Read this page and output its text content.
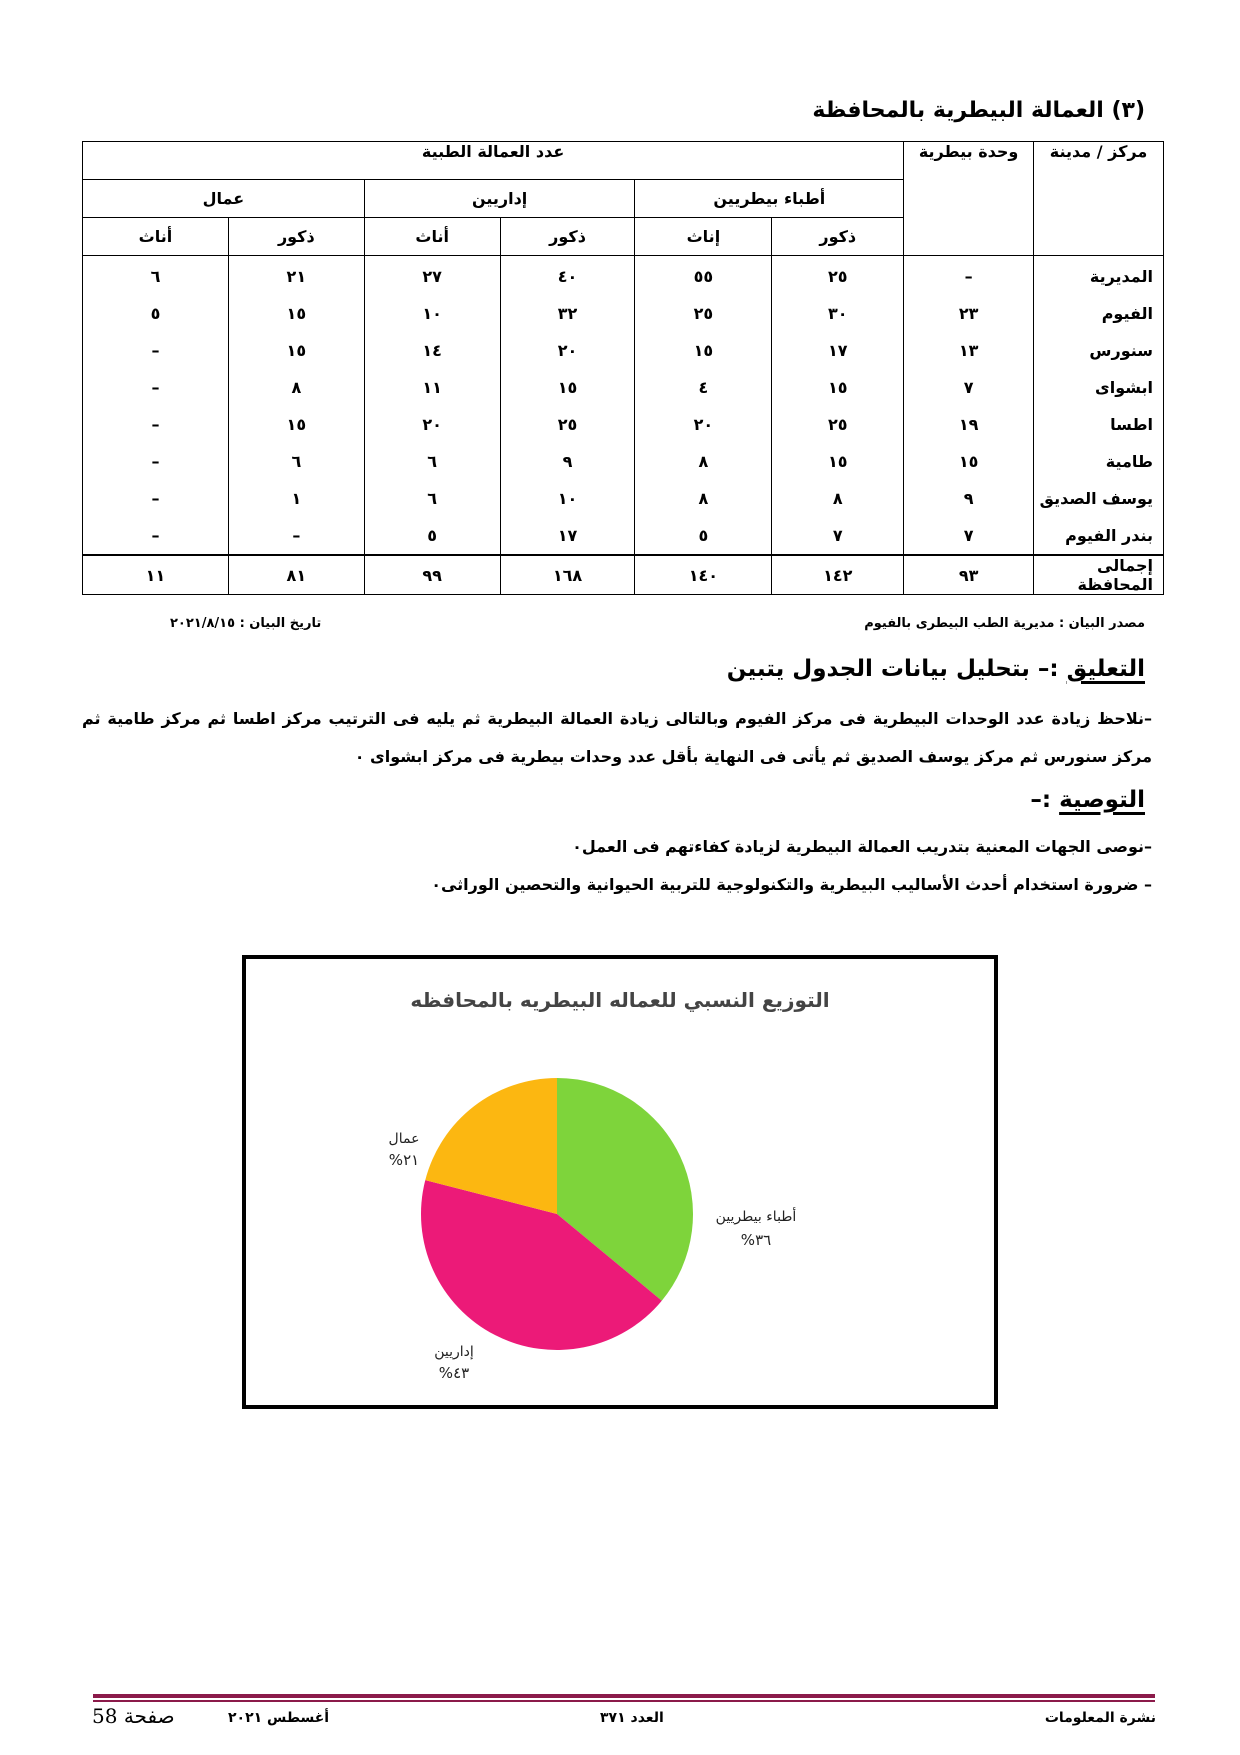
(٣) العمالة البيطرية بالمحافظة
مركز / مدينة	وحدة بيطرية	عدد العمالة الطبية					
		أطباء بيطريين		إداريين		عمال	
		ذكور	إناث	ذكور	أناث	ذكور	أناث
المديرية	–	٢٥	٥٥	٤٠	٢٧	٢١	٦
الفيوم	٢٣	٣٠	٢٥	٣٢	١٠	١٥	٥
سنورس	١٣	١٧	١٥	٢٠	١٤	١٥	–
ابشواى	٧	١٥	٤	١٥	١١	٨	–
اطسا	١٩	٢٥	٢٠	٢٥	٢٠	١٥	–
طامية	١٥	١٥	٨	٩	٦	٦	–
يوسف الصديق	٩	٨	٨	١٠	٦	١	–
بندر الفيوم	٧	٧	٥	١٧	٥	–	–
إجمالى المحافظة	٩٣	١٤٢	١٤٠	١٦٨	٩٩	٨١	١١
مصدر البيان : مديرية الطب البيطرى بالفيوم
تاريخ البيان : ٢٠٢١/٨/١٥
التعليق :– بتحليل بيانات الجدول يتبين
–نلاحظ زيادة عدد الوحدات البيطرية فى مركز الفيوم وبالتالى زيادة العمالة البيطرية ثم يليه فى الترتيب مركز اطسا ثم مركز طامية ثم مركز سنورس ثم مركز يوسف الصديق ثم يأتى فى النهاية بأقل عدد وحدات بيطرية فى مركز ابشواى ٠
التوصية :–
–نوصى الجهات المعنية بتدريب العمالة البيطرية لزيادة كفاءتهم فى العمل٠
– ضرورة استخدام أحدث الأساليب البيطرية والتكنولوجية للتربية الحيوانية والتحصين الوراثى٠
التوزيع النسبي للعماله البيطريه بالمحافظه
أطباء بيطريين
%٣٦
إداريين
%٤٣
عمال
%٢١
نشرة المعلومات
العدد ٣٧١
أغسطس ٢٠٢١
صفحة 58
